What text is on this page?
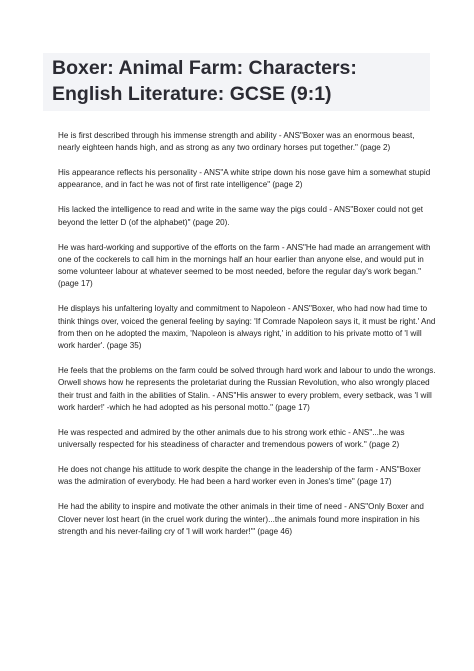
Boxer: Animal Farm: Characters: English Literature: GCSE (9:1)

He is first described through his immense strength and ability - ANS"Boxer was an enormous beast, nearly eighteen hands high, and as strong as any two ordinary horses put together." (page 2)

His appearance reflects his personality - ANS"A white stripe down his nose gave him a somewhat stupid appearance, and in fact he was not of first rate intelligence" (page 2)

His lacked the intelligence to read and write in the same way the pigs could - ANS"Boxer could not get beyond the letter D (of the alphabet)" (page 20).

He was hard-working and supportive of the efforts on the farm - ANS"He had made an arrangement with one of the cockerels to call him in the mornings half an hour earlier than anyone else, and would put in some volunteer labour at whatever seemed to be most needed, before the regular day's work began." (page 17)

He displays his unfaltering loyalty and commitment to Napoleon - ANS"Boxer, who had now had time to think things over, voiced the general feeling by saying: 'If Comrade Napoleon says it, it must be right.' And from then on he adopted the maxim, 'Napoleon is always right,' in addition to his private motto of 'I will work harder'. (page 35)

He feels that the problems on the farm could be solved through hard work and labour to undo the wrongs. Orwell shows how he represents the proletariat during the Russian Revolution, who also wrongly placed their trust and faith in the abilities of Stalin. - ANS"His answer to every problem, every setback, was 'I will work harder!' -which he had adopted as his personal motto." (page 17)

He was respected and admired by the other animals due to his strong work ethic - ANS"...he was universally respected for his steadiness of character and tremendous powers of work." (page 2)

He does not change his attitude to work despite the change in the leadership of the farm - ANS"Boxer was the admiration of everybody. He had been a hard worker even in Jones's time" (page 17)

He had the ability to inspire and motivate the other animals in their time of need - ANS"Only Boxer and Clover never lost heart (in the cruel work during the winter)...the animals found more inspiration in his strength and his never-failing cry of 'I will work harder!'" (page 46)
